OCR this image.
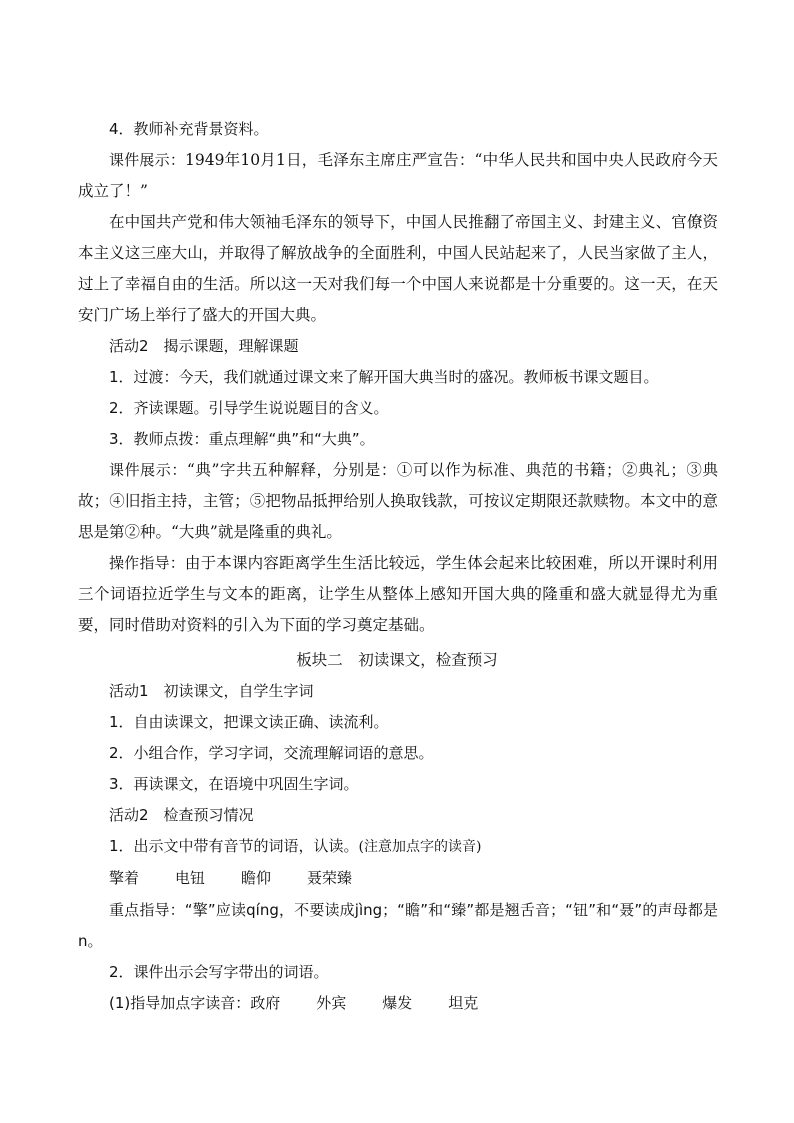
4．教师补充背景资料。

课件展示：1949年10月1日，毛泽东主席庄严宣告：“中华人民共和国中央人民政府今天成立了！”

在中国共产党和伟大领袖毛泽东的领导下，中国人民推翻了帝国主义、封建主义、官僚资本主义这三座大山，并取得了解放战争的全面胜利，中国人民站起来了，人民当家做了主人，过上了幸福自由的生活。所以这一天对我们每一个中国人来说都是十分重要的。这一天，在天安门广场上举行了盛大的开国大典。

活动2　揭示课题，理解课题

1．过渡：今天，我们就通过课文来了解开国大典当时的盛况。教师板书课文题目。

2．齐读课题。引导学生说说题目的含义。

3．教师点拨：重点理解“典”和“大典”。

课件展示：“典”字共五种解释，分别是：①可以作为标准、典范的书籍；②典礼；③典故；④旧指主持，主管；⑤把物品抵押给别人换取钱款，可按议定期限还款赎物。本文中的意思是第②种。“大典”就是隆重的典礼。

操作指导：由于本课内容距离学生生活比较远，学生体会起来比较困难，所以开课时利用三个词语拉近学生与文本的距离，让学生从整体上感知开国大典的隆重和盛大就显得尤为重要，同时借助对资料的引入为下面的学习奠定基础。

板块二　初读课文，检查预习

活动1　初读课文，自学生字词

1．自由读课文，把课文读正确、读流利。

2．小组合作，学习字词，交流理解词语的意思。

3．再读课文，在语境中巩固生字词。

活动2　检查预习情况

1．出示文中带有音节的词语，认读。(注意加点字的读音)

擎着 电钮 瞻仰 聂荣臻

重点指导：“擎”应读qíng，不要读成jìng；“瞻”和“臻”都是翘舌音；“钮”和“聂”的声母都是n。

2．课件出示会写字带出的词语。

(1)指导加点字读音：政府 外宾 爆发 坦克
